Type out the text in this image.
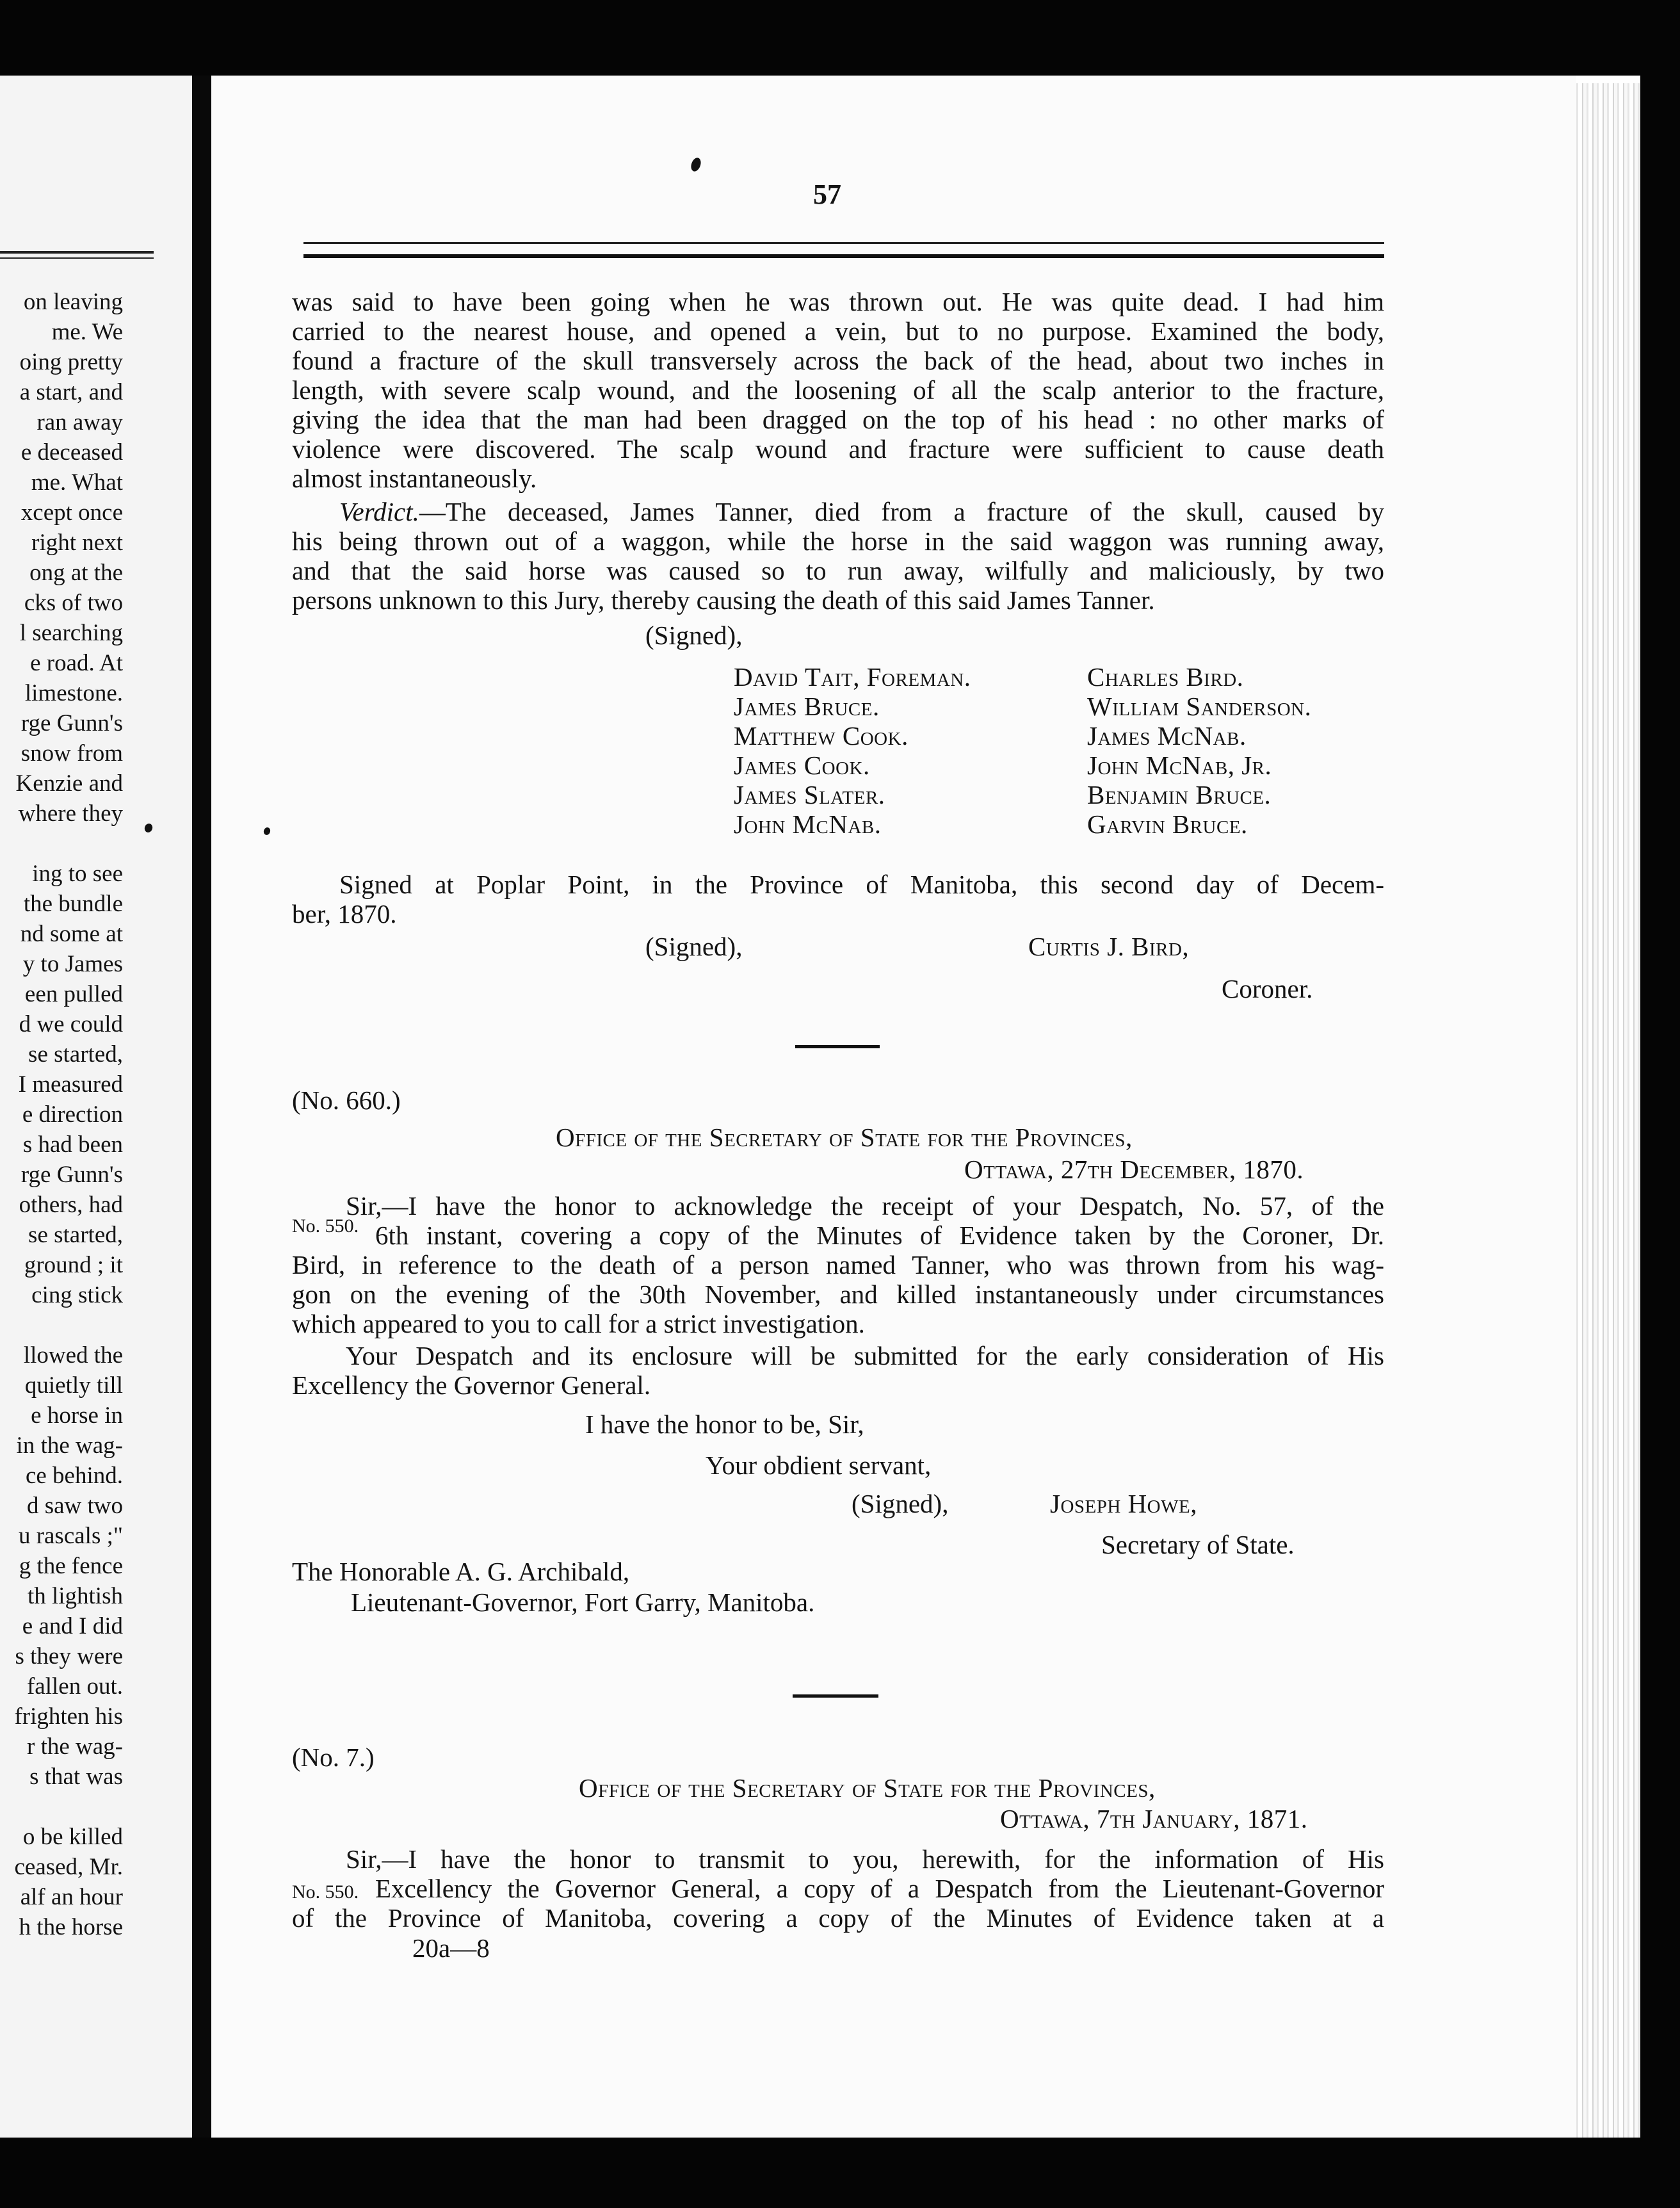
on leaving
me. We
oing pretty
a start, and
ran away
e deceased
me. What
xcept once
right next
ong at the
cks of two
l searching
e road. At
limestone.
rge Gunn's
snow from
Kenzie and
where they
ing to see
the bundle
nd some at
y to James
een pulled
d we could
se started,
I measured
e direction
s had been
rge Gunn's
others, had
se started,
ground ; it
cing stick
llowed the
quietly till
e horse in
in the wag-
ce behind.
d saw two
u rascals ;"
g the fence
th lightish
e and I did
s they were
fallen out.
frighten his
r the wag-
s that was
o be killed
ceased, Mr.
alf an hour
h the horse
57
was said to have been going when he was thrown out. He was quite dead. I had him
carried to the nearest house, and opened a vein, but to no purpose. Examined the body,
found a fracture of the skull transversely across the back of the head, about two inches in
length, with severe scalp wound, and the loosening of all the scalp anterior to the fracture,
giving the idea that the man had been dragged on the top of his head : no other marks of
violence were discovered. The scalp wound and fracture were sufficient to cause death
almost instantaneously.
Verdict.—The deceased, James Tanner, died from a fracture of the skull, caused by
his being thrown out of a waggon, while the horse in the said waggon was running away,
and that the said horse was caused so to run away, wilfully and maliciously, by two
persons unknown to this Jury, thereby causing the death of this said James Tanner.
(Signed),
David Tait, Foreman.
James Bruce.
Matthew Cook.
James Cook.
James Slater.
John McNab.
Charles Bird.
William Sanderson.
James McNab.
John McNab, Jr.
Benjamin Bruce.
Garvin Bruce.
Signed at Poplar Point, in the Province of Manitoba, this second day of Decem-
ber, 1870.
(Signed),	Curtis J. Bird,
Coroner.
(No. 660.)
Office of the Secretary of State for the Provinces,
Ottawa, 27th December, 1870.
No. 550.
Sir,—I have the honor to acknowledge the receipt of your Despatch, No. 57, of the
6th instant, covering a copy of the Minutes of Evidence taken by the Coroner, Dr.
Bird, in reference to the death of a person named Tanner, who was thrown from his wag-
gon on the evening of the 30th November, and killed instantaneously under circumstances
which appeared to you to call for a strict investigation.
Your Despatch and its enclosure will be submitted for the early consideration of His
Excellency the Governor General.
I have the honor to be, Sir,
Your obdient servant,
(Signed),	Joseph Howe,
Secretary of State.
The Honorable A. G. Archibald,
Lieutenant-Governor, Fort Garry, Manitoba.
(No. 7.)
Office of the Secretary of State for the Provinces,
Ottawa, 7th January, 1871.
No. 550.
Sir,—I have the honor to transmit to you, herewith, for the information of His
Excellency the Governor General, a copy of a Despatch from the Lieutenant-Governor
of the Province of Manitoba, covering a copy of the Minutes of Evidence taken at a
20a—8
